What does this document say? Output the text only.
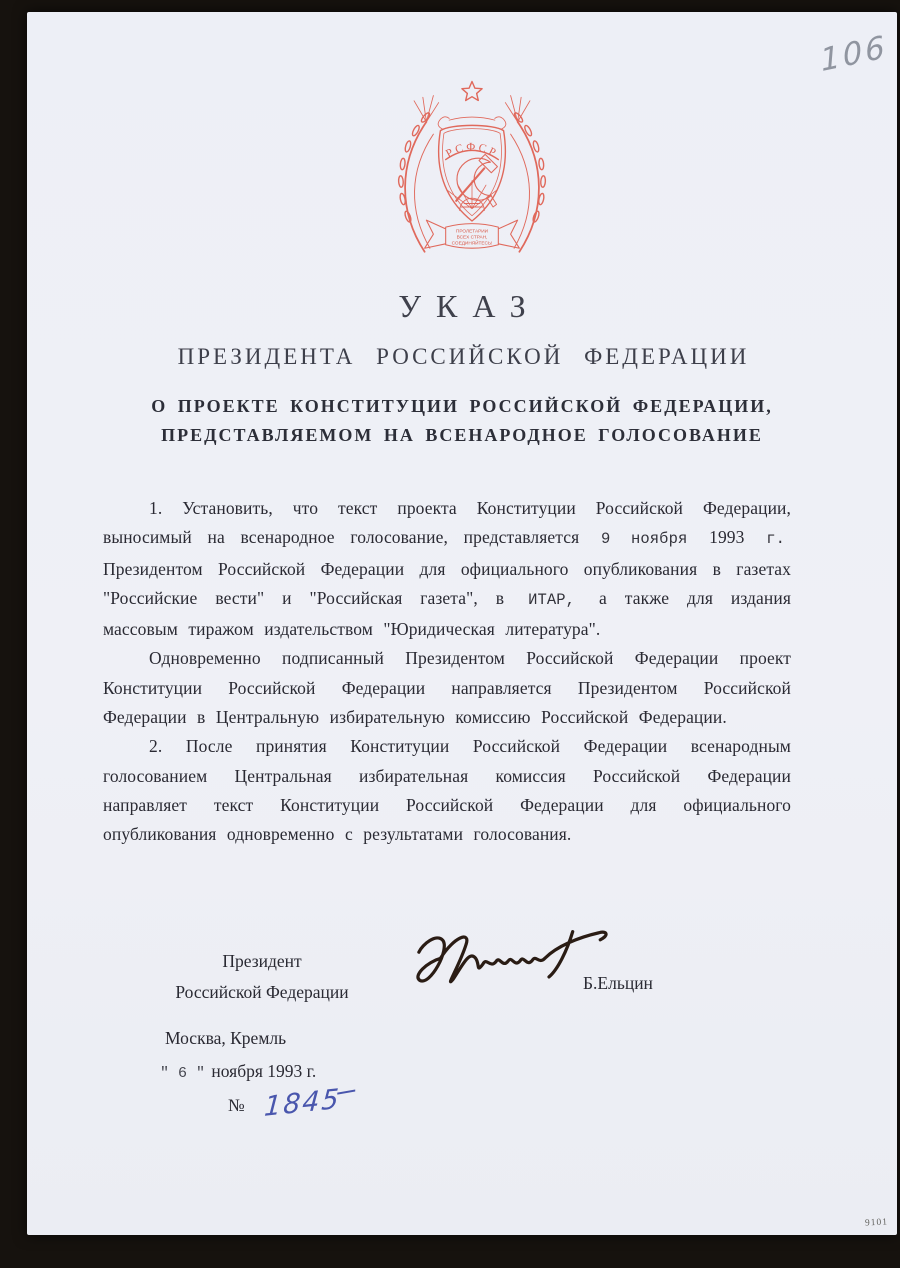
106
РСФСР
ПРОЛЕТАРИИ
ВСЕХ СТРАН,
СОЕДИНЯЙТЕСЬ!
УКАЗ
ПРЕЗИДЕНТА РОССИЙСКОЙ ФЕДЕРАЦИИ
О ПРОЕКТЕ КОНСТИТУЦИИ РОССИЙСКОЙ ФЕДЕРАЦИИ,
ПРЕДСТАВЛЯЕМОМ НА ВСЕНАРОДНОЕ ГОЛОСОВАНИЕ
1. Установить, что текст проекта Конституции Российской Федерации, выносимый на всенародное голосование, представляется 9 ноября 1993 г. Президентом Российской Федерации для официального опубликования в газетах "Российские вести" и "Российская газета", в ИТАР, а также для издания массовым тиражом издательством "Юридическая литература".
Одновременно подписанный Президентом Российской Федерации проект Конституции Российской Федерации направляется Президентом Российской Федерации в Центральную избирательную комиссию Российской Федерации.
2. После принятия Конституции Российской Федерации всенародным голосованием Центральная избирательная комиссия Российской Федерации направляет текст Конституции Российской Федерации для официального опубликования одновременно с результатами голосования.
Президент
Российской Федерации	Б.Ельцин
Москва, Кремль
" 6 " ноября 1993 г.
№ 1845
9101
